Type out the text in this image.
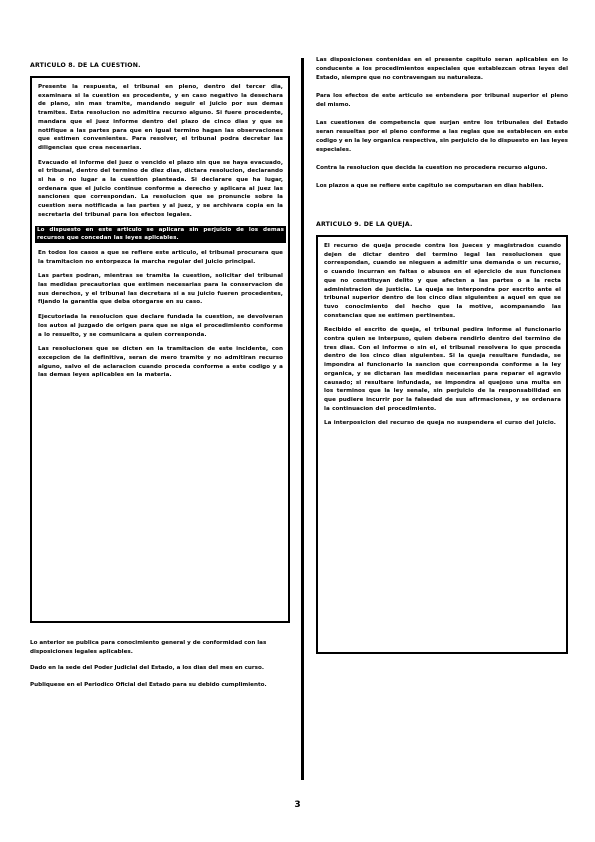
ARTICULO 8. DE LA CUESTION.

Presente la respuesta, el tribunal en pleno, dentro del tercer dia, examinara si la cuestion es procedente, y en caso negativo la desechara de plano, sin mas tramite, mandando seguir el juicio por sus demas tramites. Esta resolucion no admitira recurso alguno. Si fuere procedente, mandara que el juez informe dentro del plazo de cinco dias y que se notifique a las partes para que en igual termino hagan las observaciones que estimen convenientes. Para resolver, el tribunal podra decretar las diligencias que crea necesarias.

Evacuado el informe del juez o vencido el plazo sin que se haya evacuado, el tribunal, dentro del termino de diez dias, dictara resolucion, declarando si ha o no lugar a la cuestion planteada. Si declarare que ha lugar, ordenara que el juicio continue conforme a derecho y aplicara al juez las sanciones que correspondan. La resolucion que se pronuncie sobre la cuestion sera notificada a las partes y al juez, y se archivara copia en la secretaria del tribunal para los efectos legales.

Lo dispuesto en este articulo se aplicara sin perjuicio de los demas recursos que concedan las leyes aplicables.

En todos los casos a que se refiere este articulo, el tribunal procurara que la tramitacion no entorpezca la marcha regular del juicio principal.

Las partes podran, mientras se tramita la cuestion, solicitar del tribunal las medidas precautorias que estimen necesarias para la conservacion de sus derechos, y el tribunal las decretara si a su juicio fueren procedentes, fijando la garantia que deba otorgarse en su caso.

Ejecutoriada la resolucion que declare fundada la cuestion, se devolveran los autos al juzgado de origen para que se siga el procedimiento conforme a lo resuelto, y se comunicara a quien corresponda.

Las resoluciones que se dicten en la tramitacion de este incidente, con excepcion de la definitiva, seran de mero tramite y no admitiran recurso alguno, salvo el de aclaracion cuando proceda conforme a este codigo y a las demas leyes aplicables en la materia.

Lo anterior se publica para conocimiento general y de conformidad con las disposiciones legales aplicables.

Dado en la sede del Poder Judicial del Estado, a los dias del mes en curso.

Publiquese en el Periodico Oficial del Estado para su debido cumplimiento.

Las disposiciones contenidas en el presente capitulo seran aplicables en lo conducente a los procedimientos especiales que establezcan otras leyes del Estado, siempre que no contravengan su naturaleza.

Para los efectos de este articulo se entendera por tribunal superior el pleno del mismo.

Las cuestiones de competencia que surjan entre los tribunales del Estado seran resueltas por el pleno conforme a las reglas que se establecen en este codigo y en la ley organica respectiva, sin perjuicio de lo dispuesto en las leyes especiales.

Contra la resolucion que decida la cuestion no procedera recurso alguno.

Los plazos a que se refiere este capitulo se computaran en dias habiles.

ARTICULO 9. DE LA QUEJA.

El recurso de queja procede contra los jueces y magistrados cuando dejen de dictar dentro del termino legal las resoluciones que correspondan, cuando se nieguen a admitir una demanda o un recurso, o cuando incurran en faltas o abusos en el ejercicio de sus funciones que no constituyan delito y que afecten a las partes o a la recta administracion de justicia. La queja se interpondra por escrito ante el tribunal superior dentro de los cinco dias siguientes a aquel en que se tuvo conocimiento del hecho que la motive, acompanando las constancias que se estimen pertinentes.

Recibido el escrito de queja, el tribunal pedira informe al funcionario contra quien se interpuso, quien debera rendirlo dentro del termino de tres dias. Con el informe o sin el, el tribunal resolvera lo que proceda dentro de los cinco dias siguientes. Si la queja resultare fundada, se impondra al funcionario la sancion que corresponda conforme a la ley organica, y se dictaran las medidas necesarias para reparar el agravio causado; si resultare infundada, se impondra al quejoso una multa en los terminos que la ley senale, sin perjuicio de la responsabilidad en que pudiere incurrir por la falsedad de sus afirmaciones, y se ordenara la continuacion del procedimiento.

La interposicion del recurso de queja no suspendera el curso del juicio.

3
